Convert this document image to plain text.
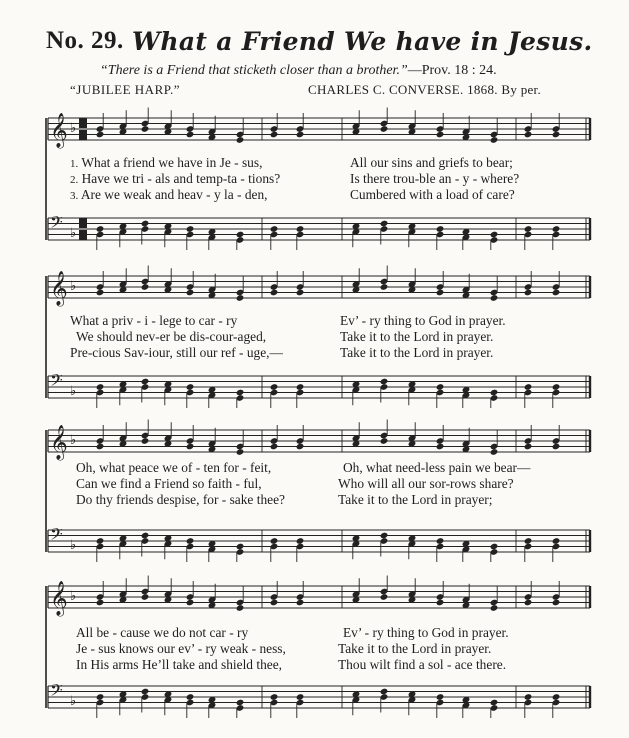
No. 29. What a Friend We have in Jesus.
“There is a Friend that sticketh closer than a brother.”—Prov. 18 : 24.
“JUBILEE HARP.”	CHARLES C. CONVERSE. 1868. By per.
𝄞 ♭
𝄢 ♭
1. What a friend we have in Je - sus,	All our sins and griefs to bear;
2. Have we tri - als and temp-ta - tions?	Is there trou-ble an - y - where?
3. Are we weak and heav - y la - den,	Cumbered with a load of care?
𝄞 ♭
𝄢 ♭
What a priv - i - lege to car - ry	Ev’ - ry thing to God in prayer.
We should nev-er be dis-cour-aged,	Take it to the Lord in prayer.
Pre-cious Sav-iour, still our ref - uge,—	Take it to the Lord in prayer.
𝄞 ♭
𝄢 ♭
Oh, what peace we of - ten for - feit,	Oh, what need-less pain we bear—
Can we find a Friend so faith - ful,	Who will all our sor-rows share?
Do thy friends despise, for - sake thee?	Take it to the Lord in prayer;
𝄞 ♭
𝄢 ♭
All be - cause we do not car - ry	Ev’ - ry thing to God in prayer.
Je - sus knows our ev’ - ry weak - ness,	Take it to the Lord in prayer.
In His arms He’ll take and shield thee,	Thou wilt find a sol - ace there.
